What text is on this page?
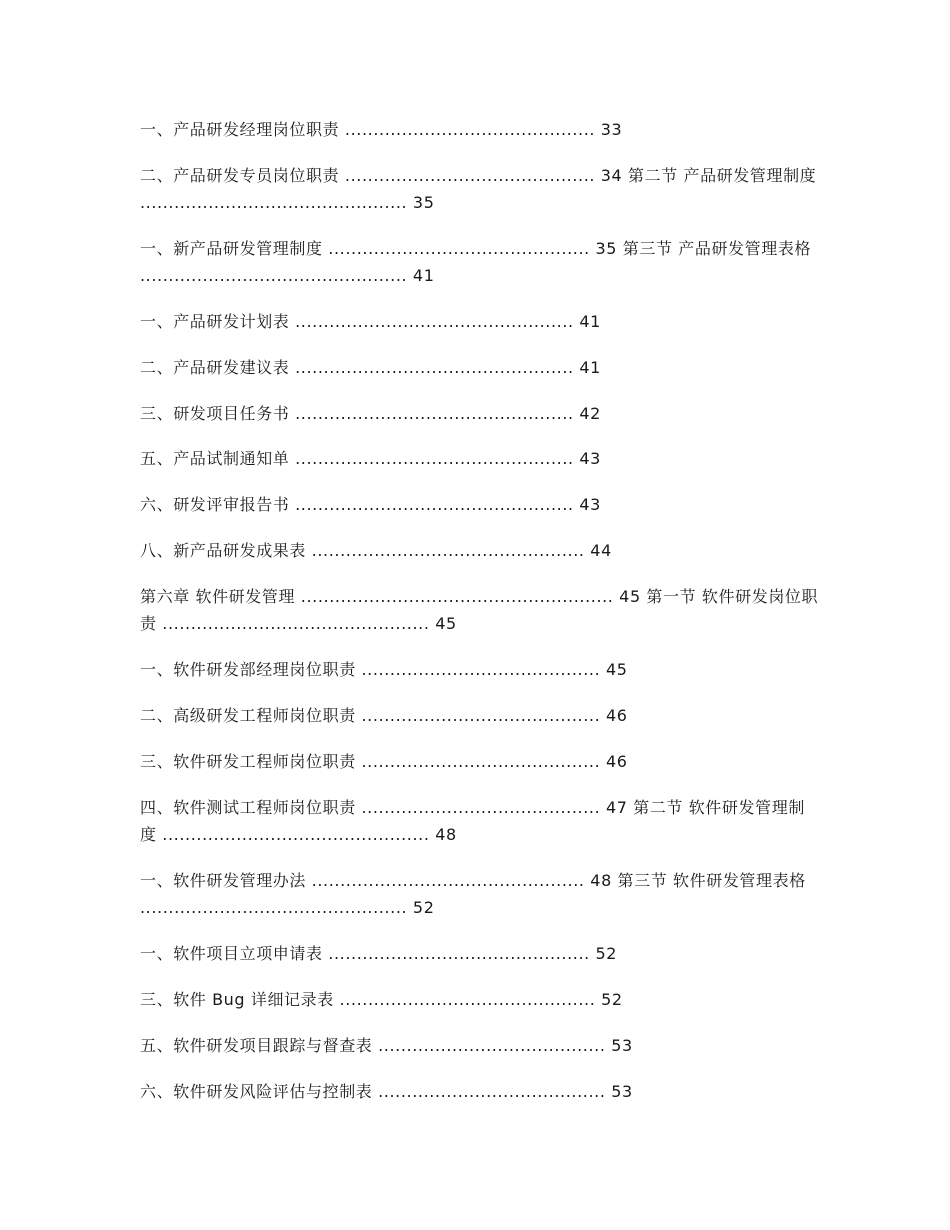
一、产品研发经理岗位职责 ............................................ 33
二、产品研发专员岗位职责 ............................................ 34 第二节 产品研发管理制度 ............................................... 35
一、新产品研发管理制度 .............................................. 35 第三节 产品研发管理表格 ............................................... 41
一、产品研发计划表 ................................................. 41
二、产品研发建议表 ................................................. 41
三、研发项目任务书 ................................................. 42
五、产品试制通知单 ................................................. 43
六、研发评审报告书 ................................................. 43
八、新产品研发成果表 ................................................ 44
第六章 软件研发管理 ....................................................... 45 第一节 软件研发岗位职责 ............................................... 45
一、软件研发部经理岗位职责 .......................................... 45
二、高级研发工程师岗位职责 .......................................... 46
三、软件研发工程师岗位职责 .......................................... 46
四、软件测试工程师岗位职责 .......................................... 47 第二节 软件研发管理制度 ............................................... 48
一、软件研发管理办法 ................................................ 48 第三节 软件研发管理表格 ............................................... 52
一、软件项目立项申请表 .............................................. 52
三、软件 Bug 详细记录表 ............................................. 52
五、软件研发项目跟踪与督查表 ........................................ 53
六、软件研发风险评估与控制表 ........................................ 53
